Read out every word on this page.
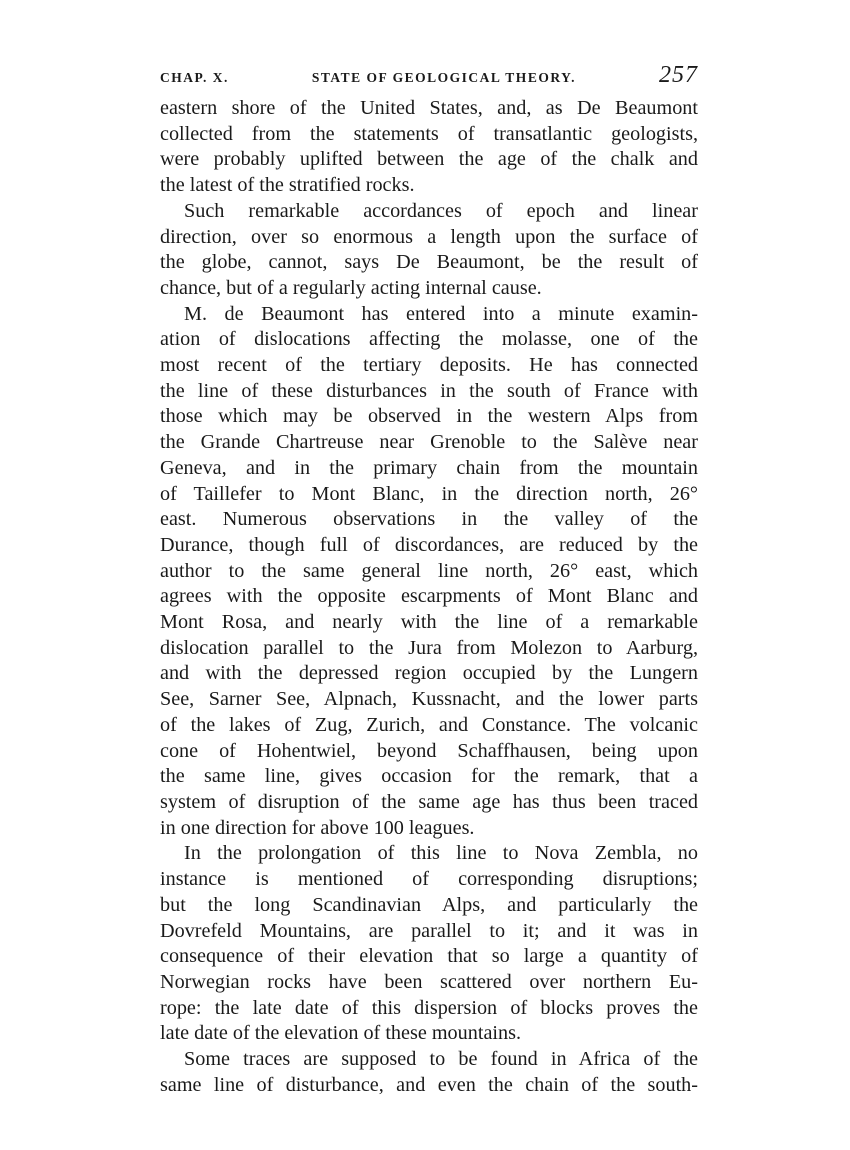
CHAP. X.	STATE OF GEOLOGICAL THEORY.	257

eastern shore of the United States, and, as De Beaumont
collected from the statements of transatlantic geologists,
were probably uplifted between the age of the chalk and
the latest of the stratified rocks.

Such remarkable accordances of epoch and linear
direction, over so enormous a length upon the surface of
the globe, cannot, says De Beaumont, be the result of
chance, but of a regularly acting internal cause.

M. de Beaumont has entered into a minute examin-
ation of dislocations affecting the molasse, one of the
most recent of the tertiary deposits. He has connected
the line of these disturbances in the south of France with
those which may be observed in the western Alps from
the Grande Chartreuse near Grenoble to the Salève near
Geneva, and in the primary chain from the mountain
of Taillefer to Mont Blanc, in the direction north, 26°
east. Numerous observations in the valley of the
Durance, though full of discordances, are reduced by the
author to the same general line north, 26° east, which
agrees with the opposite escarpments of Mont Blanc and
Mont Rosa, and nearly with the line of a remarkable
dislocation parallel to the Jura from Molezon to Aarburg,
and with the depressed region occupied by the Lungern
See, Sarner See, Alpnach, Kussnacht, and the lower parts
of the lakes of Zug, Zurich, and Constance. The volcanic
cone of Hohentwiel, beyond Schaffhausen, being upon
the same line, gives occasion for the remark, that a
system of disruption of the same age has thus been traced
in one direction for above 100 leagues.

In the prolongation of this line to Nova Zembla, no
instance is mentioned of corresponding disruptions;
but the long Scandinavian Alps, and particularly the
Dovrefeld Mountains, are parallel to it; and it was in
consequence of their elevation that so large a quantity of
Norwegian rocks have been scattered over northern Eu-
rope: the late date of this dispersion of blocks proves the
late date of the elevation of these mountains.

Some traces are supposed to be found in Africa of the
same line of disturbance, and even the chain of the south-
